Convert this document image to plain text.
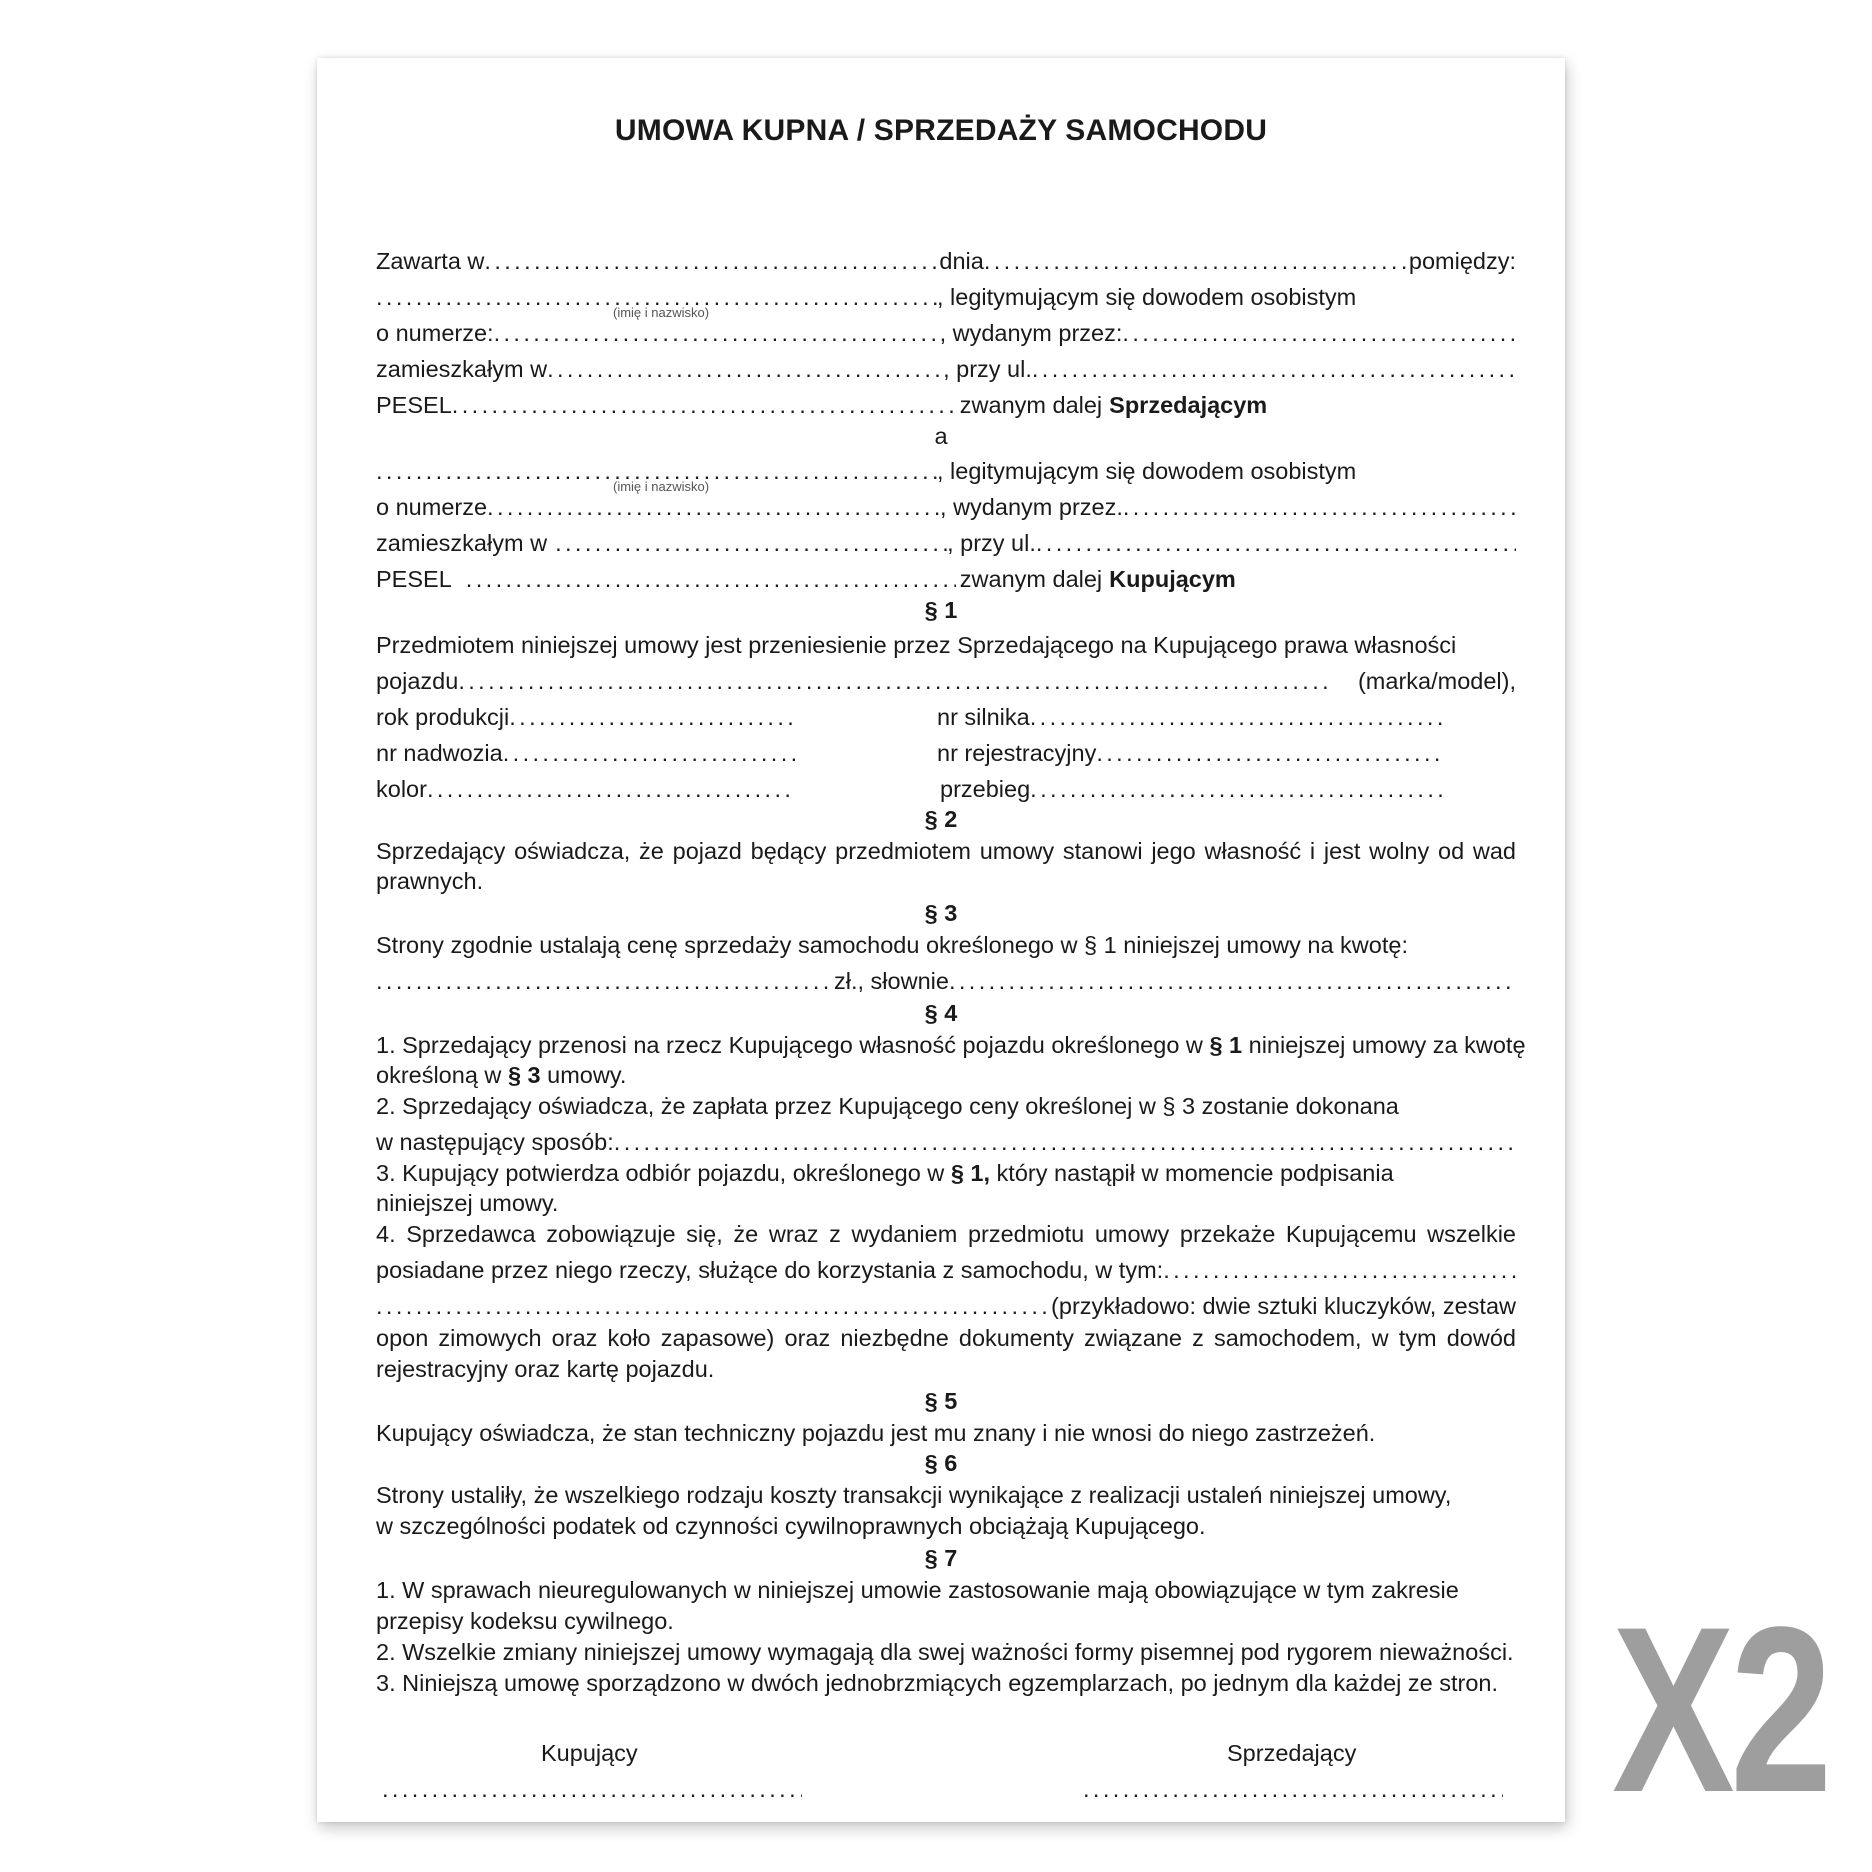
UMOWA KUPNA / SPRZEDAŻY SAMOCHODU
Zawarta w .....	dnia .....	pomiędzy:
.....
, legitymującym się dowodem osobistym
(imię i nazwisko)
o numerze: .....	, wydanym przez:
.....
zamieszkałym w .....	, przy ul.
.....
PESEL .....	zwanym dalej Sprzedającym
a
.....
, legitymującym się dowodem osobistym
(imię i nazwisko)
o numerze .....	, wydanym przez.
.....
zamieszkałym w .....	, przy ul.
.....
PESEL .....	zwanym dalej Kupującym
§ 1
Przedmiotem niniejszej umowy jest przeniesienie przez Sprzedającego na Kupującego prawa własności
pojazdu .....	(marka/model),
rok produkcji .....	nr silnika
.....
nr nadwozia .....	nr rejestracyjny
.....
kolor .....	przebieg
.....
§ 2
Sprzedający oświadcza, że pojazd będący przedmiotem umowy stanowi jego własność i jest wolny od wad
prawnych.
§ 3
Strony zgodnie ustalają cenę sprzedaży samochodu określonego w § 1 niniejszej umowy na kwotę:
.....
zł., słownie
.....
§ 4
1. Sprzedający przenosi na rzecz Kupującego własność pojazdu określonego w § 1 niniejszej umowy za kwotę
określoną w § 3 umowy.
2. Sprzedający oświadcza, że zapłata przez Kupującego ceny określonej w § 3 zostanie dokonana
w następujący sposób:
.....
3. Kupujący potwierdza odbiór pojazdu, określonego w § 1, który nastąpił w momencie podpisania
niniejszej umowy.
4. Sprzedawca zobowiązuje się, że wraz z wydaniem przedmiotu umowy przekaże Kupującemu wszelkie
posiadane przez niego rzeczy, służące do korzystania z samochodu, w tym:
.....
.....
(przykładowo: dwie sztuki kluczyków, zestaw
opon zimowych oraz koło zapasowe) oraz niezbędne dokumenty związane z samochodem, w tym dowód
rejestracyjny oraz kartę pojazdu.
§ 5
Kupujący oświadcza, że stan techniczny pojazdu jest mu znany i nie wnosi do niego zastrzeżeń.
§ 6
Strony ustaliły, że wszelkiego rodzaju koszty transakcji wynikające z realizacji ustaleń niniejszej umowy,
w szczególności podatek od czynności cywilnoprawnych obciążają Kupującego.
§ 7
1. W sprawach nieuregulowanych w niniejszej umowie zastosowanie mają obowiązujące w tym zakresie
przepisy kodeksu cywilnego.
2. Wszelkie zmiany niniejszej umowy wymagają dla swej ważności formy pisemnej pod rygorem nieważności.
3. Niniejszą umowę sporządzono w dwóch jednobrzmiących egzemplarzach, po jednym dla każdej ze stron.
Kupujący	Sprzedający ..... ..... X2
